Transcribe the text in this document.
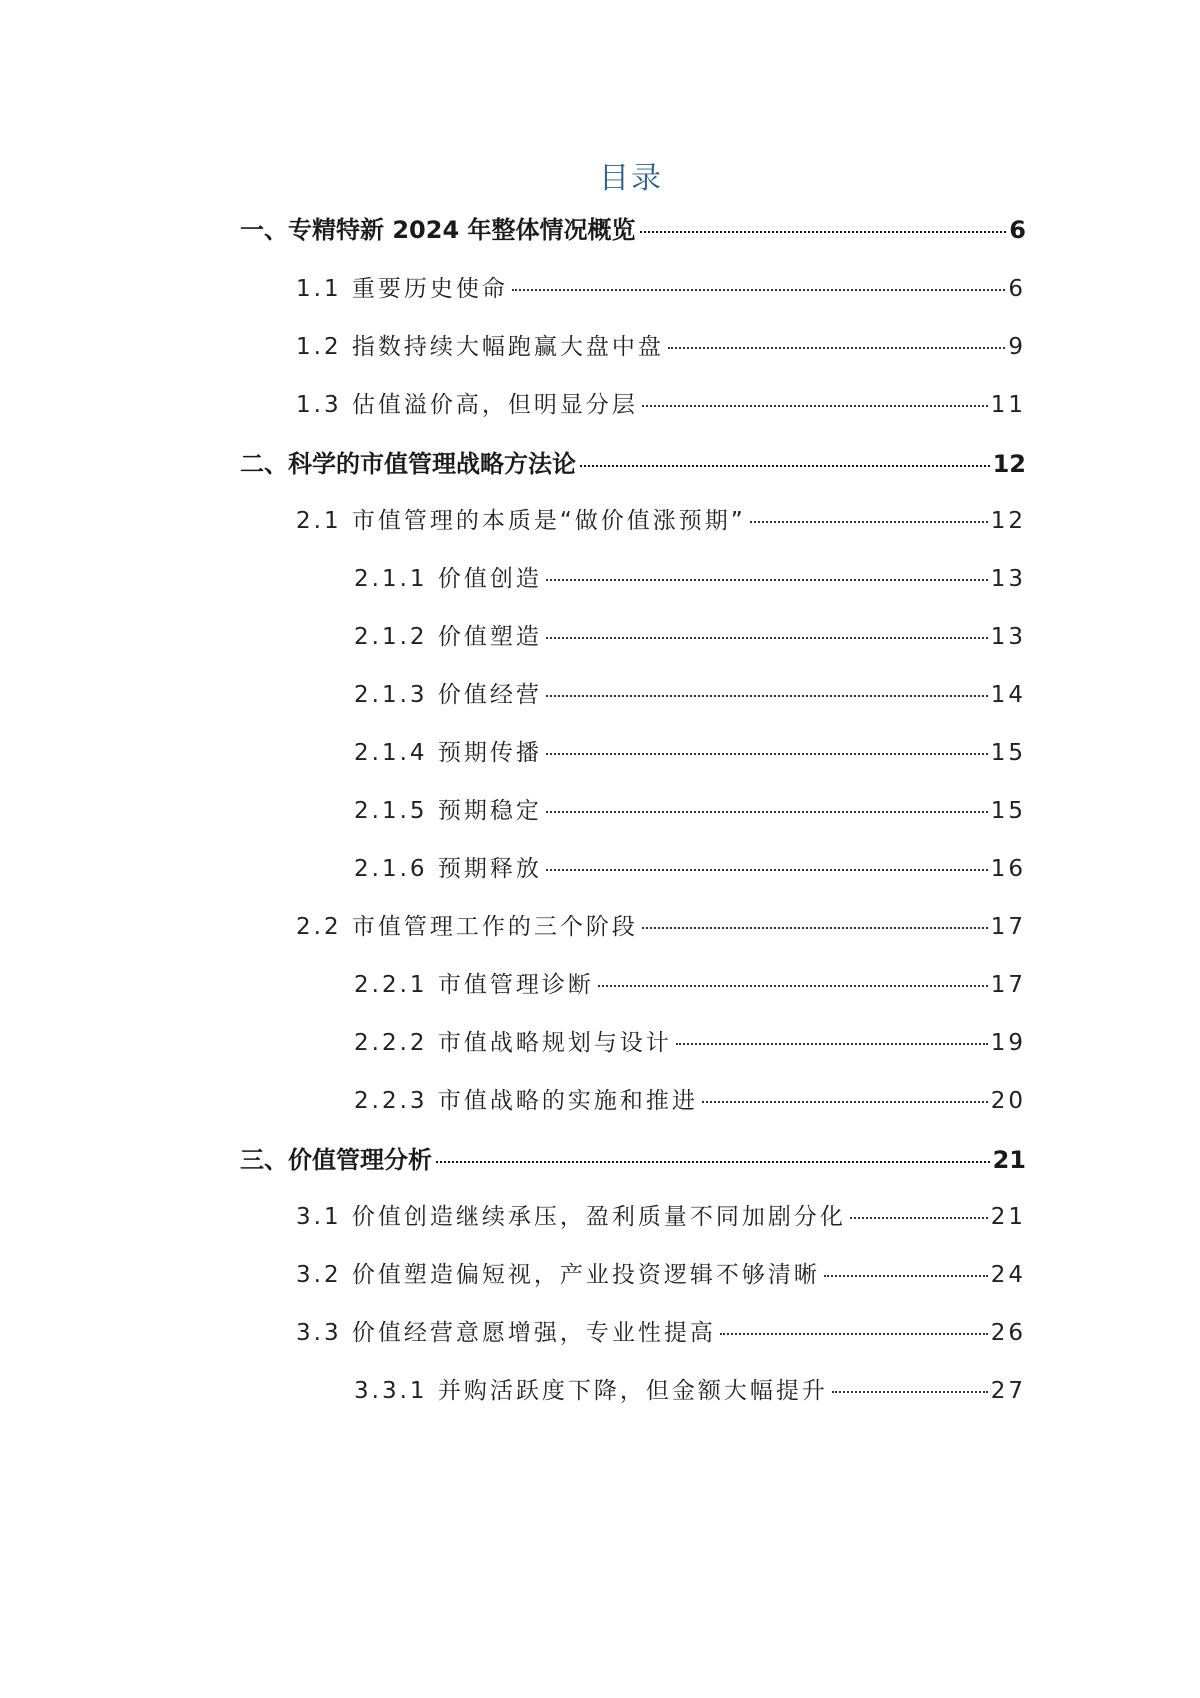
目录
一、专精特新 2024 年整体情况概览	6
1.1 重要历史使命	6
1.2 指数持续大幅跑赢大盘中盘	9
1.3 估值溢价高，但明显分层	11
二、科学的市值管理战略方法论	12
2.1 市值管理的本质是“做价值涨预期”	12
2.1.1 价值创造	13
2.1.2 价值塑造	13
2.1.3 价值经营	14
2.1.4 预期传播	15
2.1.5 预期稳定	15
2.1.6 预期释放	16
2.2 市值管理工作的三个阶段	17
2.2.1 市值管理诊断	17
2.2.2 市值战略规划与设计	19
2.2.3 市值战略的实施和推进	20
三、价值管理分析	21
3.1 价值创造继续承压，盈利质量不同加剧分化	21
3.2 价值塑造偏短视，产业投资逻辑不够清晰	24
3.3 价值经营意愿增强，专业性提高	26
3.3.1 并购活跃度下降，但金额大幅提升	27
